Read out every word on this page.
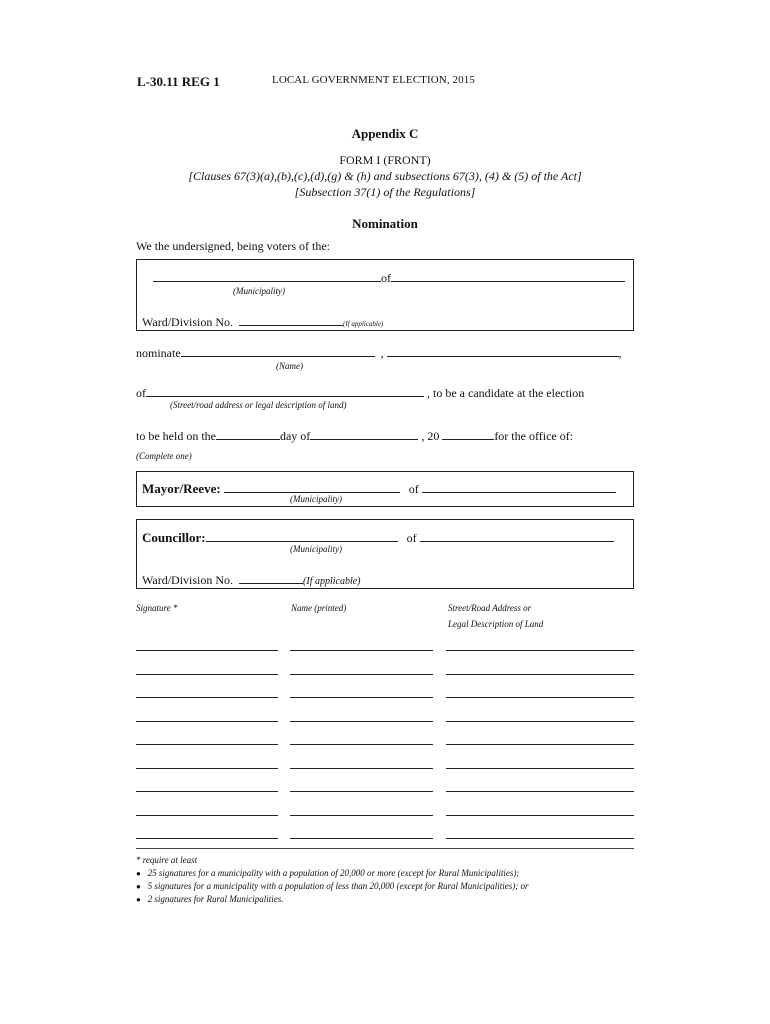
L-30.11 REG 1	LOCAL GOVERNMENT ELECTION, 2015
Appendix C
FORM I (FRONT)
[Clauses 67(3)(a),(b),(c),(d),(g) & (h) and subsections 67(3), (4) & (5) of the Act]
[Subsection 37(1) of the Regulations]
Nomination
We the undersigned, being voters of the:
of
(Municipality)
Ward/Division No.	(If applicable)
nominate	,	,
(Name)
of	, to be a candidate at the election
(Street/road address or legal description of land)
to be held on the	day of	, 20	for the office of:
(Complete one)
Mayor/Reeve:	of
(Municipality)
Councillor:	of
(Municipality)
Ward/Division No.	(If applicable)
Signature *	Name (printed)	Street/Road Address or
Legal Description of Land
* require at least
● 25 signatures for a municipality with a population of 20,000 or more (except for Rural Municipalities);
● 5 signatures for a municipality with a population of less than 20,000 (except for Rural Municipalities); or
● 2 signatures for Rural Municipalities.
